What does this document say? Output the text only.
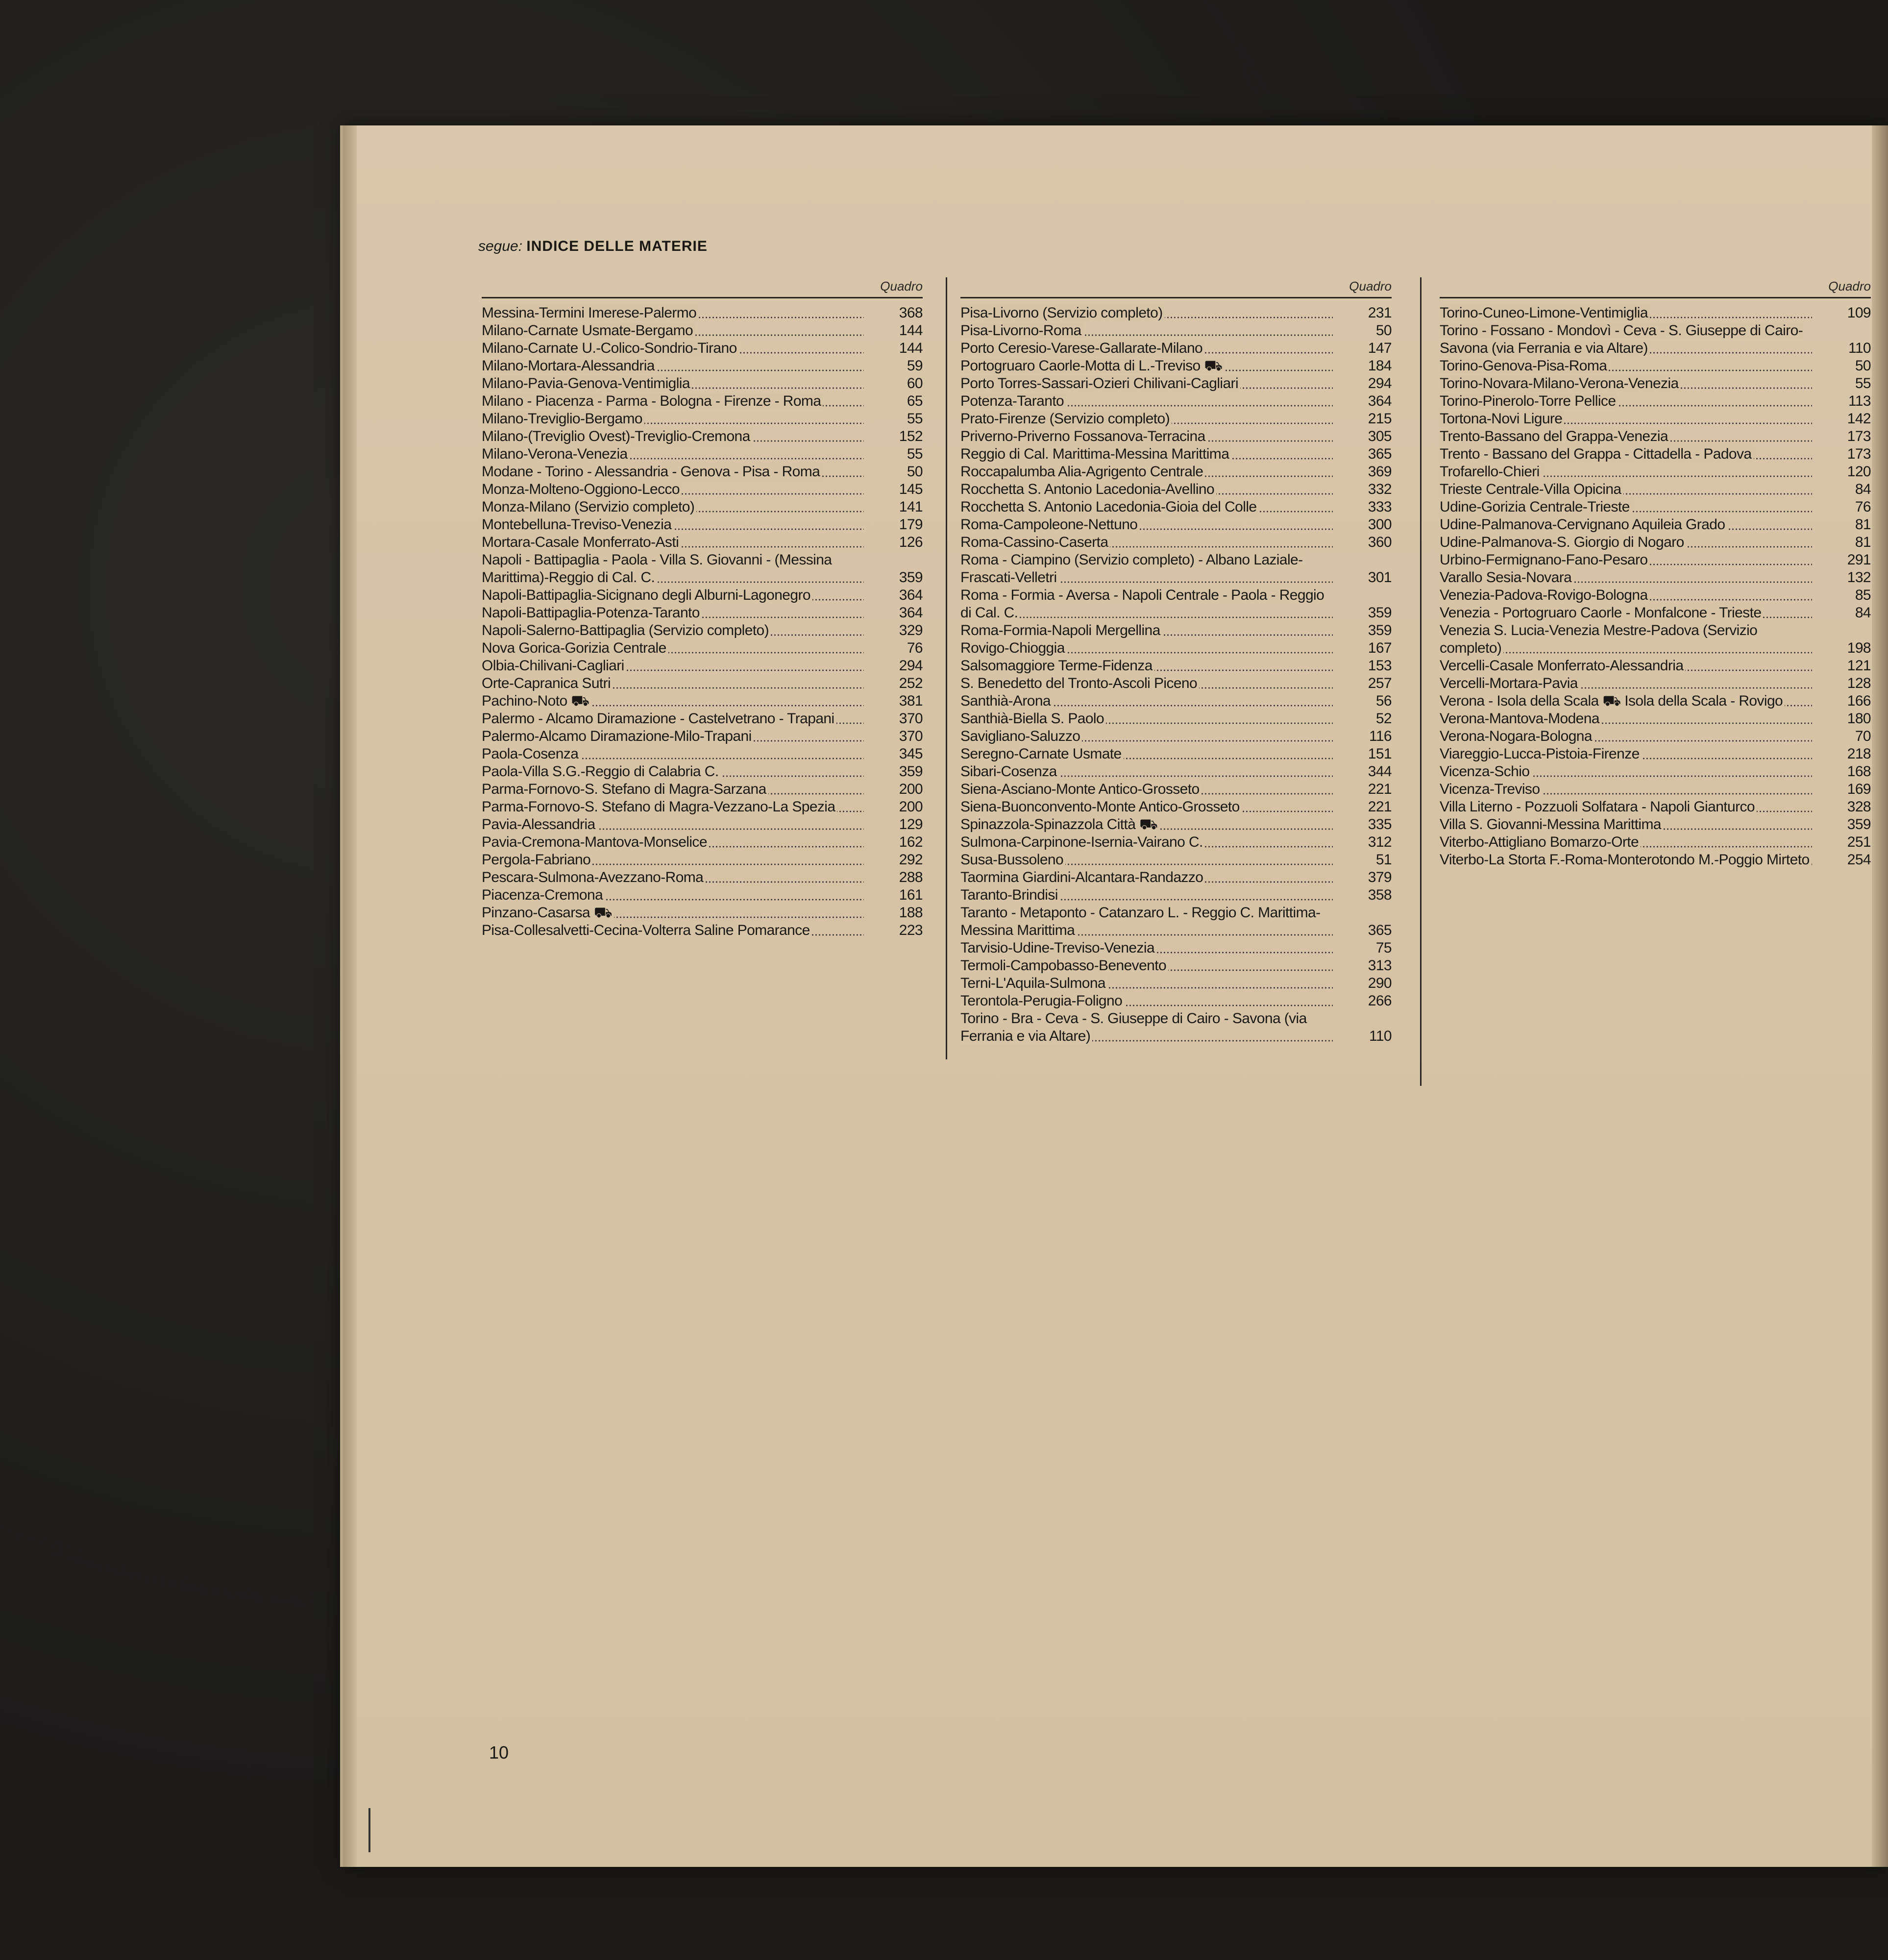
segue: INDICE DELLE MATERIE
Quadro
Messina-Termini Imerese-Palermo	368
Milano-Carnate Usmate-Bergamo	144
Milano-Carnate U.-Colico-Sondrio-Tirano	144
Milano-Mortara-Alessandria	59
Milano-Pavia-Genova-Ventimiglia	60
Milano - Piacenza - Parma - Bologna - Firenze - Roma	65
Milano-Treviglio-Bergamo	55
Milano-(Treviglio Ovest)-Treviglio-Cremona	152
Milano-Verona-Venezia	55
Modane - Torino - Alessandria - Genova - Pisa - Roma	50
Monza-Molteno-Oggiono-Lecco	145
Monza-Milano (Servizio completo)	141
Montebelluna-Treviso-Venezia	179
Mortara-Casale Monferrato-Asti	126
Napoli - Battipaglia - Paola - Villa S. Giovanni - (Messina Marittima)-Reggio di Cal. C.	359
Napoli-Battipaglia-Sicignano degli Alburni-Lagonegro	364
Napoli-Battipaglia-Potenza-Taranto	364
Napoli-Salerno-Battipaglia (Servizio completo)	329
Nova Gorica-Gorizia Centrale	76
Olbia-Chilivani-Cagliari	294
Orte-Capranica Sutri	252
Pachino-Noto ⛟	381
Palermo - Alcamo Diramazione - Castelvetrano - Trapani	370
Palermo-Alcamo Diramazione-Milo-Trapani	370
Paola-Cosenza	345
Paola-Villa S.G.-Reggio di Calabria C.	359
Parma-Fornovo-S. Stefano di Magra-Sarzana	200
Parma-Fornovo-S. Stefano di Magra-Vezzano-La Spezia	200
Pavia-Alessandria	129
Pavia-Cremona-Mantova-Monselice	162
Pergola-Fabriano	292
Pescara-Sulmona-Avezzano-Roma	288
Piacenza-Cremona	161
Pinzano-Casarsa ⛟	188
Pisa-Collesalvetti-Cecina-Volterra Saline Pomarance	223
Quadro
Pisa-Livorno (Servizio completo)	231
Pisa-Livorno-Roma	50
Porto Ceresio-Varese-Gallarate-Milano	147
Portogruaro Caorle-Motta di L.-Treviso ⛟	184
Porto Torres-Sassari-Ozieri Chilivani-Cagliari	294
Potenza-Taranto	364
Prato-Firenze (Servizio completo)	215
Priverno-Priverno Fossanova-Terracina	305
Reggio di Cal. Marittima-Messina Marittima	365
Roccapalumba Alia-Agrigento Centrale	369
Rocchetta S. Antonio Lacedonia-Avellino	332
Rocchetta S. Antonio Lacedonia-Gioia del Colle	333
Roma-Campoleone-Nettuno	300
Roma-Cassino-Caserta	360
Roma - Ciampino (Servizio completo) - Albano Laziale-Frascati-Velletri	301
Roma - Formia - Aversa - Napoli Centrale - Paola - Reggio di Cal. C.	359
Roma-Formia-Napoli Mergellina	359
Rovigo-Chioggia	167
Salsomaggiore Terme-Fidenza	153
S. Benedetto del Tronto-Ascoli Piceno	257
Santhià-Arona	56
Santhià-Biella S. Paolo	52
Savigliano-Saluzzo	116
Seregno-Carnate Usmate	151
Sibari-Cosenza	344
Siena-Asciano-Monte Antico-Grosseto	221
Siena-Buonconvento-Monte Antico-Grosseto	221
Spinazzola-Spinazzola Città ⛟	335
Sulmona-Carpinone-Isernia-Vairano C.	312
Susa-Bussoleno	51
Taormina Giardini-Alcantara-Randazzo	379
Taranto-Brindisi	358
Taranto - Metaponto - Catanzaro L. - Reggio C. Marittima-Messina Marittima	365
Tarvisio-Udine-Treviso-Venezia	75
Termoli-Campobasso-Benevento	313
Terni-L'Aquila-Sulmona	290
Terontola-Perugia-Foligno	266
Torino - Bra - Ceva - S. Giuseppe di Cairo - Savona (via Ferrania e via Altare)	110
Quadro
Torino-Cuneo-Limone-Ventimiglia	109
Torino - Fossano - Mondovì - Ceva - S. Giuseppe di Cairo-Savona (via Ferrania e via Altare)	110
Torino-Genova-Pisa-Roma	50
Torino-Novara-Milano-Verona-Venezia	55
Torino-Pinerolo-Torre Pellice	113
Tortona-Novi Ligure	142
Trento-Bassano del Grappa-Venezia	173
Trento - Bassano del Grappa - Cittadella - Padova	173
Trofarello-Chieri	120
Trieste Centrale-Villa Opicina	84
Udine-Gorizia Centrale-Trieste	76
Udine-Palmanova-Cervignano Aquileia Grado	81
Udine-Palmanova-S. Giorgio di Nogaro	81
Urbino-Fermignano-Fano-Pesaro	291
Varallo Sesia-Novara	132
Venezia-Padova-Rovigo-Bologna	85
Venezia - Portogruaro Caorle - Monfalcone - Trieste	84
Venezia S. Lucia-Venezia Mestre-Padova (Servizio completo)	198
Vercelli-Casale Monferrato-Alessandria	121
Vercelli-Mortara-Pavia	128
Verona - Isola della Scala ⛟ Isola della Scala - Rovigo	166
Verona-Mantova-Modena	180
Verona-Nogara-Bologna	70
Viareggio-Lucca-Pistoia-Firenze	218
Vicenza-Schio	168
Vicenza-Treviso	169
Villa Literno - Pozzuoli Solfatara - Napoli Gianturco	328
Villa S. Giovanni-Messina Marittima	359
Viterbo-Attigliano Bomarzo-Orte	251
Viterbo-La Storta F.-Roma-Monterotondo M.-Poggio Mirteto	254
10
